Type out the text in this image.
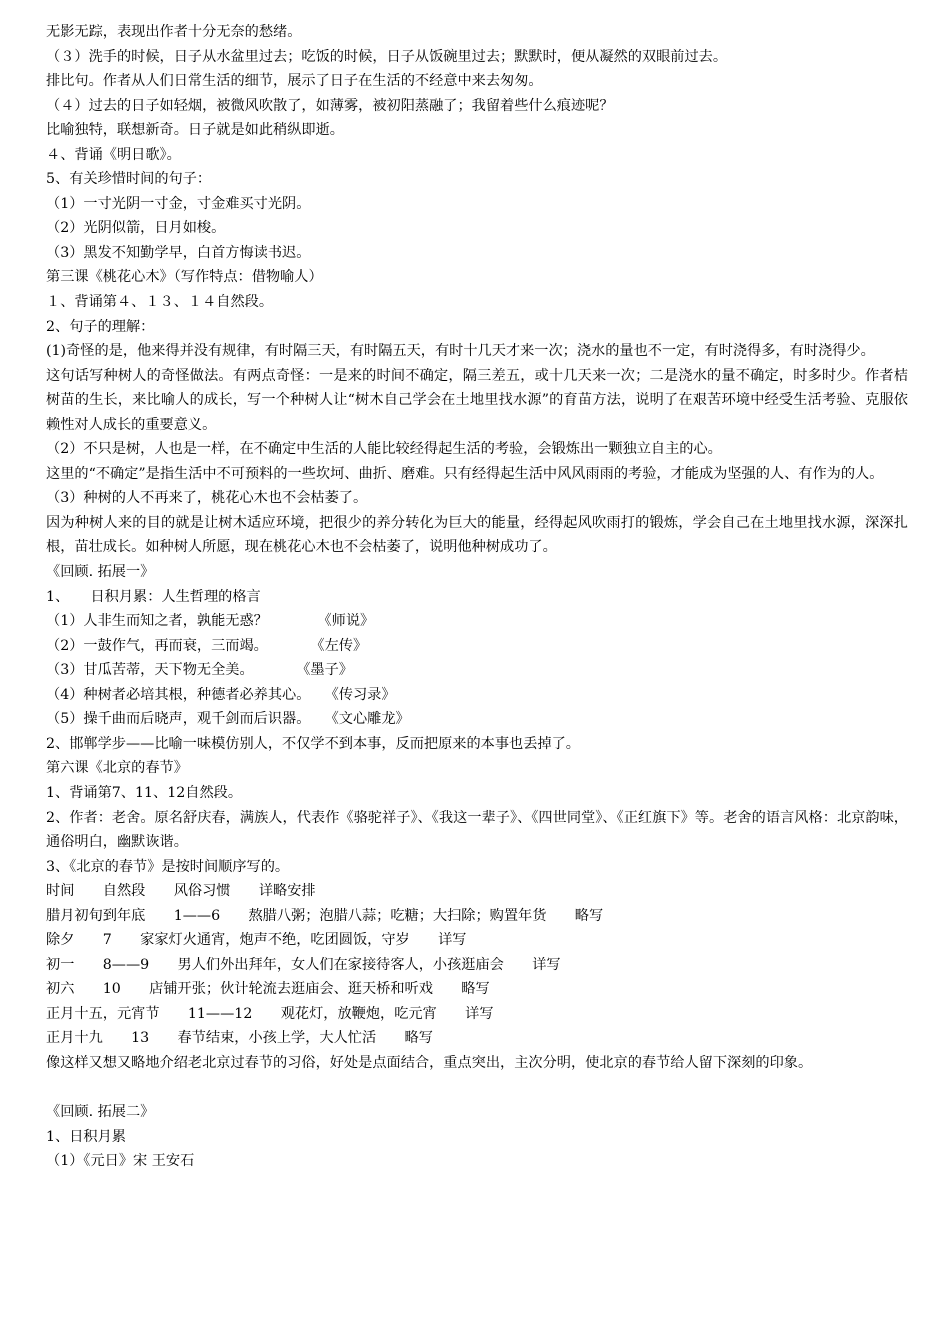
无影无踪，表现出作者十分无奈的愁绪。

（３）洗手的时候，日子从水盆里过去；吃饭的时候，日子从饭碗里过去；默默时，便从凝然的双眼前过去。

排比句。作者从人们日常生活的细节，展示了日子在生活的不经意中来去匆匆。

（４）过去的日子如轻烟，被微风吹散了，如薄雾，被初阳蒸融了；我留着些什么痕迹呢？

比喻独特，联想新奇。日子就是如此稍纵即逝。

４、背诵《明日歌》。

5、有关珍惜时间的句子：

（1）一寸光阴一寸金，寸金难买寸光阴。

（2）光阴似箭，日月如梭。

（3）黑发不知勤学早，白首方悔读书迟。

第三课《桃花心木》（写作特点：借物喻人）

１、背诵第４、１３、１４自然段。

2、句子的理解：

(1)奇怪的是，他来得并没有规律，有时隔三天，有时隔五天，有时十几天才来一次；浇水的量也不一定，有时浇得多，有时浇得少。

这句话写种树人的奇怪做法。有两点奇怪：一是来的时间不确定，隔三差五，或十几天来一次；二是浇水的量不确定，时多时少。作者桔树苗的生长，来比喻人的成长，写一个种树人让“树木自己学会在土地里找水源”的育苗方法，说明了在艰苦环境中经受生活考验、克服依赖性对人成长的重要意义。

（2）不只是树，人也是一样，在不确定中生活的人能比较经得起生活的考验，会锻炼出一颗独立自主的心。

这里的“不确定”是指生活中不可预料的一些坎坷、曲折、磨难。只有经得起生活中风风雨雨的考验，才能成为坚强的人、有作为的人。

（3）种树的人不再来了，桃花心木也不会枯萎了。

因为种树人来的目的就是让树木适应环境，把很少的养分转化为巨大的能量，经得起风吹雨打的锻炼，学会自己在土地里找水源，深深扎根，苗壮成长。如种树人所愿，现在桃花心木也不会枯萎了，说明他种树成功了。

《回顾. 拓展一》

1、　　日积月累：人生哲理的格言

（1）人非生而知之者，孰能无惑？　　　　《师说》

（2）一鼓作气，再而衰，三而竭。　　　　《左传》

（3）甘瓜苦蒂，天下物无全美。　　　　《墨子》

（4）种树者必培其根，种德者必养其心。　　《传习录》

（5）操千曲而后晓声，观千剑而后识器。　　《文心雕龙》

2、邯郸学步——比喻一味模仿别人，不仅学不到本事，反而把原来的本事也丢掉了。

第六课《北京的春节》

1、背诵第7、11、12自然段。

2、作者：老舍。原名舒庆春，满族人，代表作《骆驼祥子》、《我这一辈子》、《四世同堂》、《正红旗下》等。老舍的语言风格：北京韵味，通俗明白，幽默诙谐。

3、《北京的春节》是按时间顺序写的。

时间　　自然段　　风俗习惯　　详略安排

腊月初旬到年底　　1——6　　熬腊八粥；泡腊八蒜；吃糖；大扫除；购置年货　　略写

除夕　　7　　家家灯火通宵，炮声不绝，吃团圆饭，守岁　　详写

初一　　8——9　　男人们外出拜年，女人们在家接待客人，小孩逛庙会　　详写

初六　　10　　店铺开张；伙计轮流去逛庙会、逛天桥和听戏　　略写

正月十五，元宵节　　11——12　　观花灯，放鞭炮，吃元宵　　详写

正月十九　　13　　春节结束，小孩上学，大人忙活　　略写

像这样又想又略地介绍老北京过春节的习俗，好处是点面结合，重点突出，主次分明，使北京的春节给人留下深刻的印象。

《回顾. 拓展二》

1、日积月累

（1）《元日》宋 王安石
